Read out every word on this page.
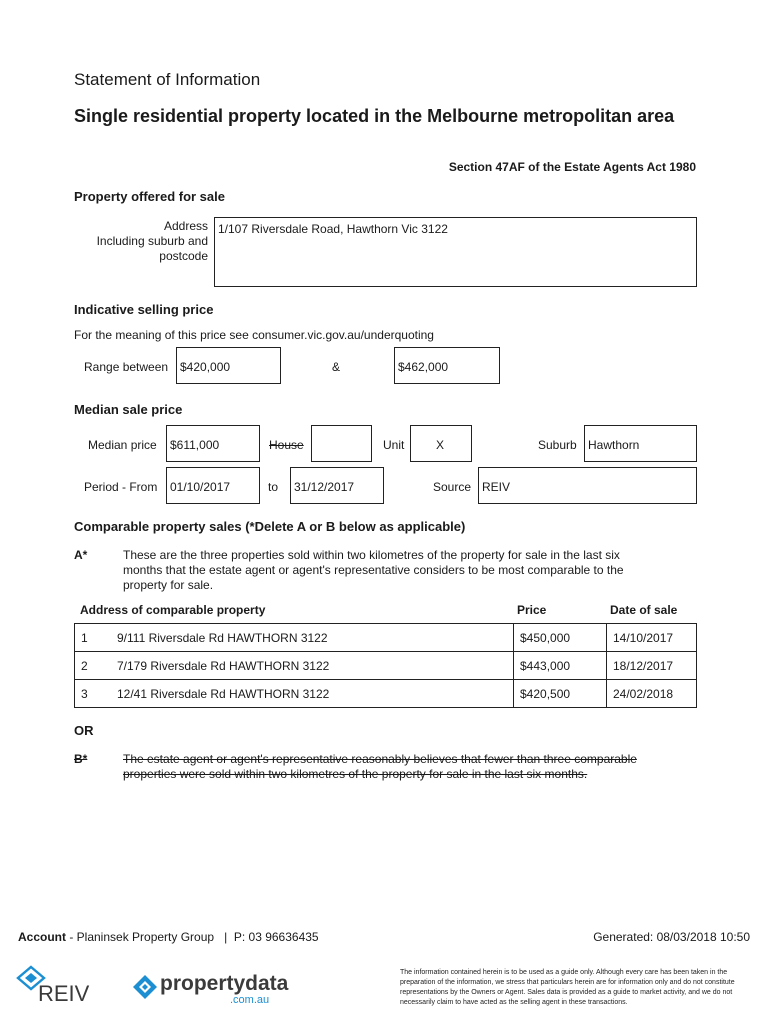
Statement of Information
Single residential property located in the Melbourne metropolitan area
Section 47AF of the Estate Agents Act 1980
Property offered for sale
Address
Including suburb and
postcode
1/107 Riversdale Road, Hawthorn Vic 3122
Indicative selling price
For the meaning of this price see consumer.vic.gov.au/underquoting
Range between $420,000	&	$462,000
Median sale price
Median price $611,000	House	Unit	X	Suburb Hawthorn
Period - From 01/10/2017	to 31/12/2017	Source REIV
Comparable property sales (*Delete A or B below as applicable)
A*	These are the three properties sold within two kilometres of the property for sale in the last six
months that the estate agent or agent's representative considers to be most comparable to the
property for sale.
Address of comparable property	Price	Date of sale
1	9/111 Riversdale Rd HAWTHORN 3122	$450,000	14/10/2017
2	7/179 Riversdale Rd HAWTHORN 3122	$443,000	18/12/2017
3	12/41 Riversdale Rd HAWTHORN 3122	$420,500	24/02/2018
OR
B*	The estate agent or agent's representative reasonably believes that fewer than three comparable
properties were sold within two kilometres of the property for sale in the last six months.
Account - Planinsek Property Group   |  P: 03 96636435	Generated: 08/03/2018 10:50
REIV	propertydata
.com.au
The information contained herein is to be used as a guide only. Although every care has been taken in the preparation of the information, we stress that particulars herein are for information only and do not constitute representations by the Owners or Agent. Sales data is provided as a guide to market activity, and we do not necessarily claim to have acted as the selling agent in these transactions.
